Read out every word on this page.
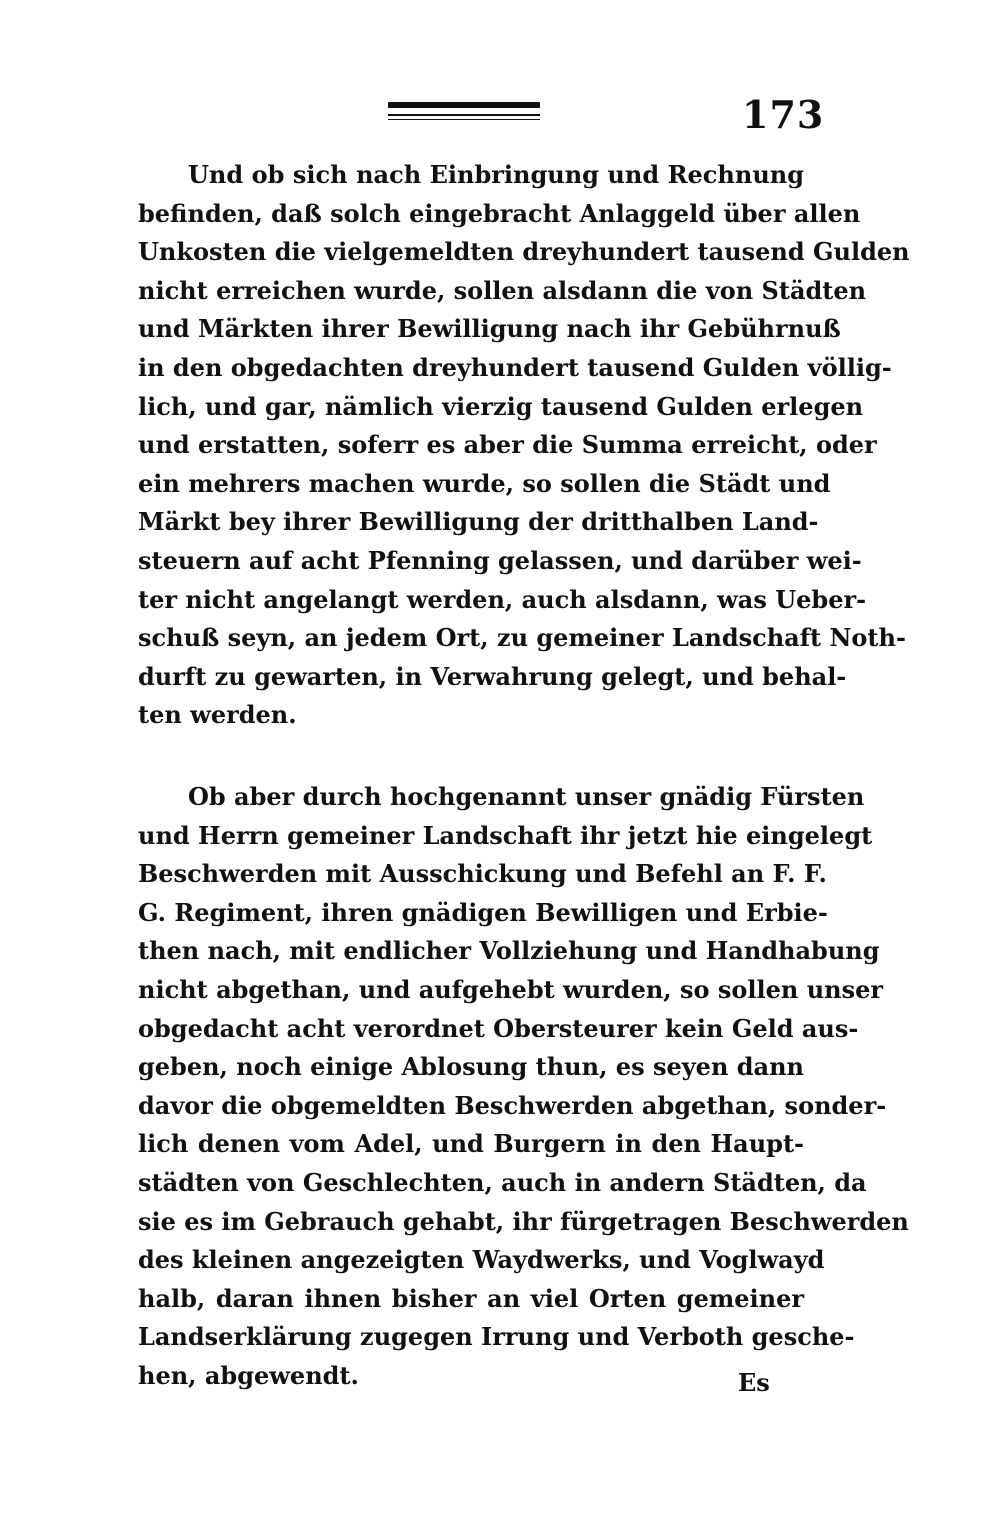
173
Und ob sich nach Einbringung und Rechnung
befinden, daß solch eingebracht Anlaggeld über allen
Unkosten die vielgemeldten dreyhundert tausend Gulden
nicht erreichen wurde, sollen alsdann die von Städten
und Märkten ihrer Bewilligung nach ihr Gebührnuß
in den obgedachten dreyhundert tausend Gulden völlig-
lich, und gar, nämlich vierzig tausend Gulden erlegen
und erstatten, soferr es aber die Summa erreicht, oder
ein mehrers machen wurde, so sollen die Städt und
Märkt bey ihrer Bewilligung der dritthalben Land-
steuern auf acht Pfenning gelassen, und darüber wei-
ter nicht angelangt werden, auch alsdann, was Ueber-
schuß seyn, an jedem Ort, zu gemeiner Landschaft Noth-
durft zu gewarten, in Verwahrung gelegt, und behal-
ten werden.
Ob aber durch hochgenannt unser gnädig Fürsten
und Herrn gemeiner Landschaft ihr jetzt hie eingelegt
Beschwerden mit Ausschickung und Befehl an F. F.
G. Regiment, ihren gnädigen Bewilligen und Erbie-
then nach, mit endlicher Vollziehung und Handhabung
nicht abgethan, und aufgehebt wurden, so sollen unser
obgedacht acht verordnet Obersteurer kein Geld aus-
geben, noch einige Ablosung thun, es seyen dann
davor die obgemeldten Beschwerden abgethan, sonder-
lich denen vom Adel, und Burgern in den Haupt-
städten von Geschlechten, auch in andern Städten, da
sie es im Gebrauch gehabt, ihr fürgetragen Beschwerden
des kleinen angezeigten Waydwerks, und Voglwayd
halb, daran ihnen bisher an viel Orten gemeiner
Landserklärung zugegen Irrung und Verboth gesche-
hen, abgewendt.	Es
